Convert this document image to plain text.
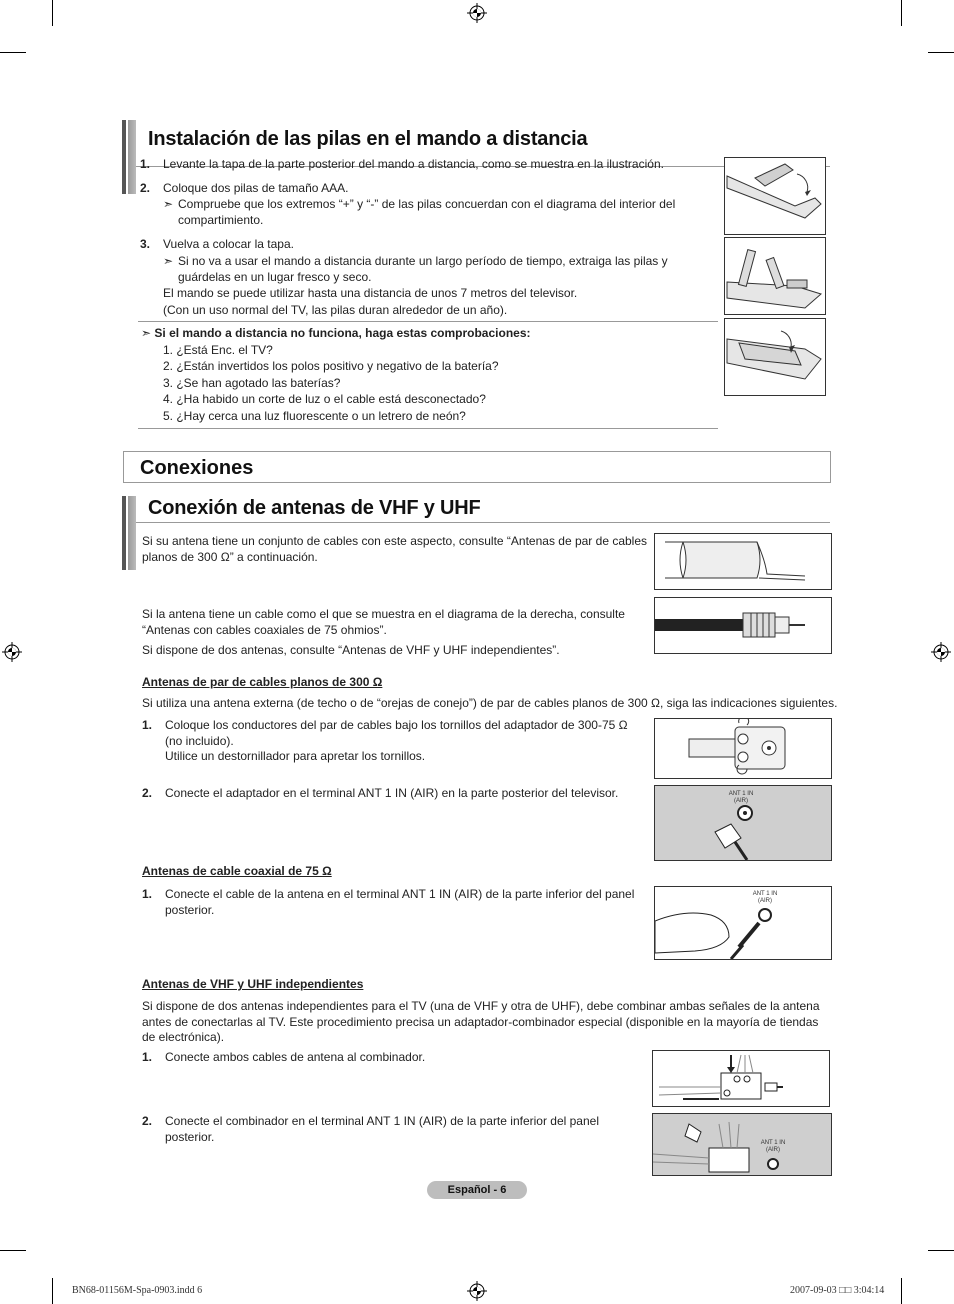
Instalación de las pilas en el mando a distancia
1. Levante la tapa de la parte posterior del mando a distancia, como se muestra en la ilustración.
2. Coloque dos pilas de tamaño AAA.
➣ Compruebe que los extremos “+” y “-” de las pilas concuerdan con el diagrama del interior del compartimiento.
3. Vuelva a colocar la tapa.
➣ Si no va a usar el mando a distancia durante un largo período de tiempo, extraiga las pilas y guárdelas en un lugar fresco y seco.
El mando se puede utilizar hasta una distancia de unos 7 metros del televisor.
(Con un uso normal del TV, las pilas duran alrededor de un año).
➣ Si el mando a distancia no funciona, haga estas comprobaciones:
1. ¿Está Enc. el TV?
2. ¿Están invertidos los polos positivo y negativo de la batería?
3. ¿Se han agotado las baterías?
4. ¿Ha habido un corte de luz o el cable está desconectado?
5. ¿Hay cerca una luz fluorescente o un letrero de neón?
Conexiones
Conexión de antenas de VHF y UHF
Si su antena tiene un conjunto de cables con este aspecto, consulte “Antenas de par de cables planos de 300 Ω” a continuación.
Si la antena tiene un cable como el que se muestra en el diagrama de la derecha, consulte “Antenas con cables coaxiales de 75 ohmios”.
Si dispone de dos antenas, consulte “Antenas de VHF y UHF independientes”.
Antenas de par de cables planos de 300 Ω
Si utiliza una antena externa (de techo o de “orejas de conejo”) de par de cables planos de 300 Ω, siga las indicaciones siguientes.
1.	Coloque los conductores del par de cables bajo los tornillos del adaptador de 300-75 Ω (no incluido).
Utilice un destornillador para apretar los tornillos.
2.	Conecte el adaptador en el terminal ANT 1 IN (AIR) en la parte posterior del televisor.	ANT 1 IN
(AIR)
Antenas de cable coaxial de 75 Ω
1.	Conecte el cable de la antena en el terminal ANT 1 IN (AIR) de la parte inferior del panel posterior.
ANT 1 IN
(AIR)
Antenas de VHF y UHF independientes
Si dispone de dos antenas independientes para el TV (una de VHF y otra de UHF), debe combinar ambas señales de la antena antes de conectarlas al TV. Este procedimiento precisa un adaptador-combinador especial (disponible en la mayoría de tiendas de electrónica).
1.	Conecte ambos cables de antena al combinador.
2.	Conecte el combinador en el terminal ANT 1 IN (AIR) de la parte inferior del panel posterior.	ANT 1 IN
(AIR)
Español - 6
BN68-01156M-Spa-0903.indd 6	2007-09-03 □□ 3:04:14
